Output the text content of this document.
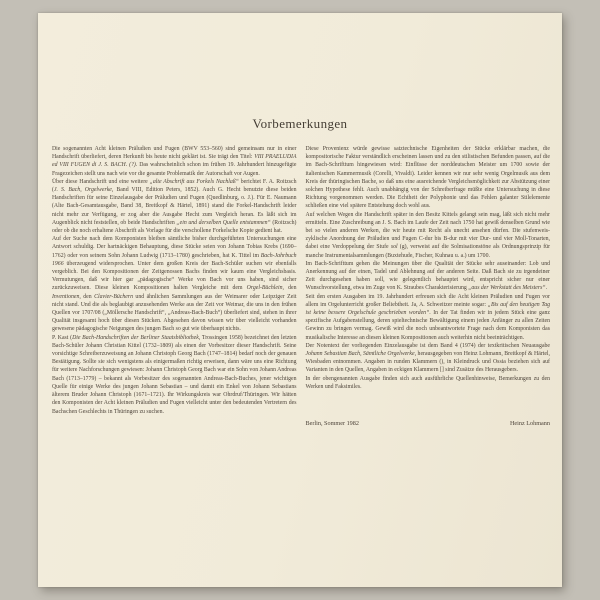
Vorbemerkungen

Die sogenannten Acht kleinen Präludien und Fugen (BWV 553–560) sind gemeinsam nur in einer Handschrift überliefert, deren Herkunft bis heute nicht geklärt ist. Sie trägt den Titel: VIII PRAELUDIA ed VIII FUGEN di J. S. BACH. (?). Das wahrscheinlich schon im frühen 19. Jahrhundert hinzugefügte Fragezeichen stellt uns nach wie vor die gesamte Problematik der Autorschaft vor Augen.

Über diese Handschrift und eine weitere „alte Abschrift aus Forkels Nachlaß“ berichtet F. A. Roitzsch (J. S. Bach, Orgelwerke, Band VIII, Edition Peters, 1852). Auch G. Hecht benutzte diese beiden Handschriften für seine Einzelausgabe der Präludien und Fugen (Quedlinburg, o. J.). Für E. Naumann (Alte Bach-Gesamtausgabe, Band 38, Breitkopf & Härtel, 1891) stand die Forkel-Handschrift leider nicht mehr zur Verfügung, er zog aber die Ausgabe Hecht zum Vergleich heran. Es läßt sich im Augenblick nicht feststellen, ob beide Handschriften „ein und derselben Quelle entstammen“ (Roitzsch) oder ob die noch erhaltene Abschrift als Vorlage für die verschollene Forkelsche Kopie gedient hat.

Auf der Suche nach dem Komponisten bleiben sämtliche bisher durchgeführten Untersuchungen eine Antwort schuldig. Der hartnäckigen Behauptung, diese Stücke seien von Johann Tobias Krebs (1690–1762) oder von seinem Sohn Johann Ludwig (1713–1780) geschrieben, hat K. Tittel im Bach-Jahrbuch 1966 überzeugend widersprochen. Unter dem großen Kreis der Bach-Schüler suchen wir ebenfalls vergeblich. Bei den Kompositionen der Zeitgenossen Bachs finden wir kaum eine Vergleichsbasis. Vermutungen, daß wir hier gar „pädagogische“ Werke von Bach vor uns haben, sind sicher zurückzuweisen. Diese kleinen Kompositionen halten Vergleiche mit dem Orgel-Büchlein, den Inventionen, den Clavier-Büchern und ähnlichen Sammlungen aus der Weimarer oder Leipziger Zeit nicht stand. Und die als beglaubigt anzusehenden Werke aus der Zeit vor Weimar, die uns in den frühen Quellen vor 1707/08 („Möllersche Handschrift“, „Andreas-Bach-Buch“) überliefert sind, stehen in ihrer Qualität insgesamt hoch über diesen Stücken. Abgesehen davon wissen wir über vielleicht vorhanden gewesene pädagogische Neigungen des jungen Bach so gut wie überhaupt nichts.

P. Kast (Die Bach-Handschriften der Berliner Staatsbibliothek, Trossingen 1958) bezeichnet den letzten Bach-Schüler Johann Christian Kittel (1732–1809) als einen der Vorbesitzer dieser Handschrift. Seine vorsichtige Schreiberzuweisung an Johann Christoph Georg Bach (1747–1814) bedarf noch der genauen Bestätigung. Sollte sie sich wenigstens als einigermaßen richtig erweisen, dann wäre uns eine Richtung für weitere Nachforschungen gewiesen: Johann Christoph Georg Bach war ein Sohn von Johann Andreas Bach (1713–1779) – bekannt als Vorbesitzer des sogenannten Andreas-Bach-Buches, jener wichtigen Quelle für einige Werke des jungen Johann Sebastian – und damit ein Enkel von Johann Sebastians älterem Bruder Johann Christoph (1671–1721). Ihr Wirkungskreis war Ohrdruf/Thüringen. Wir hätten den Komponisten der Acht kleinen Präludien und Fugen vielleicht unter den bedeutenden Vertretern des Bachschen Geschlechts in Thüringen zu suchen.

Diese Provenienz würde gewisse satztechnische Eigenheiten der Stücke erklärbar machen, die kompositorische Faktur verständlich erscheinen lassen und zu den stilistischen Befunden passen, auf die im Bach-Schrifttum hingewiesen wird: Einflüsse der norddeutschen Meister um 1700 sowie der italienischen Kammermusik (Corelli, Vivaldi). Leider kennen wir nur sehr wenig Orgelmusik aus dem Kreis der thüringischen Bache, so daß uns eine ausreichende Vergleichsmöglichkeit zur Abstützung einer solchen Hypothese fehlt. Auch unabhängig von der Schreiberfrage müßte eine Untersuchung in diese Richtung vorgenommen werden. Die Echtheit der Polyphonie und das Fehlen galanter Stilelemente schließen eine viel spätere Entstehung doch wohl aus.

Auf welchen Wegen die Handschrift später in den Besitz Kittels gelangt sein mag, läßt sich nicht mehr ermitteln. Eine Zuschreibung an J. S. Bach im Laufe der Zeit nach 1750 hat gewiß denselben Grund wie bei so vielen anderen Werken, die wir heute mit Recht als unecht ansehen dürfen. Die stufenweis-zyklische Anordnung der Präludien und Fugen C-dur bis B-dur mit vier Dur- und vier Moll-Tonarten, dabei eine Verdoppelung der Stufe sol (g), verweist auf die Solmisationstöne als Ordnungsprinzip für manche Instrumentalsammlungen (Buxtehude, Fischer, Kuhnau u. a.) um 1700.

Im Bach-Schrifttum gehen die Meinungen über die Qualität der Stücke sehr auseinander: Lob und Anerkennung auf der einen, Tadel und Ablehnung auf der anderen Seite. Daß Bach sie zu irgendeiner Zeit durchgesehen haben soll, wie gelegentlich behauptet wird, entspricht sicher nur einer Wunschvorstellung, etwa im Zuge von K. Straubes Charakterisierung „aus der Werkstatt des Meisters“.

Seit den ersten Ausgaben im 19. Jahrhundert erfreuen sich die Acht kleinen Präludien und Fugen vor allem im Orgelunterricht großer Beliebtheit. Ja, A. Schweitzer meinte sogar: „Bis auf den heutigen Tag ist keine bessere Orgelschule geschrieben worden“. In der Tat finden wir in jedem Stück eine ganz spezifische Aufgabenstellung, deren spieltechnische Bewältigung einem jeden Anfänger zu allen Zeiten Gewinn zu bringen vermag. Gewiß wird die noch unbeantwortete Frage nach dem Komponisten das musikalische Interesse an diesen kleinen Kompositionen auch weiterhin nicht beeinträchtigen.

Der Notentext der vorliegenden Einzelausgabe ist dem Band 4 (1974) der textkritischen Neuausgabe Johann Sebastian Bach, Sämtliche Orgelwerke, herausgegeben von Heinz Lohmann, Breitkopf & Härtel, Wiesbaden entnommen. Angaben in runden Klammern (), in Kleindruck und Ossia beziehen sich auf Varianten in den Quellen, Angaben in eckigen Klammern [] sind Zusätze des Herausgebers.

In der obengenannten Ausgabe finden sich auch ausführliche Quellenhinweise, Bemerkungen zu den Werken und Faksimiles.

Berlin, Sommer 1982	Heinz Lohmann
